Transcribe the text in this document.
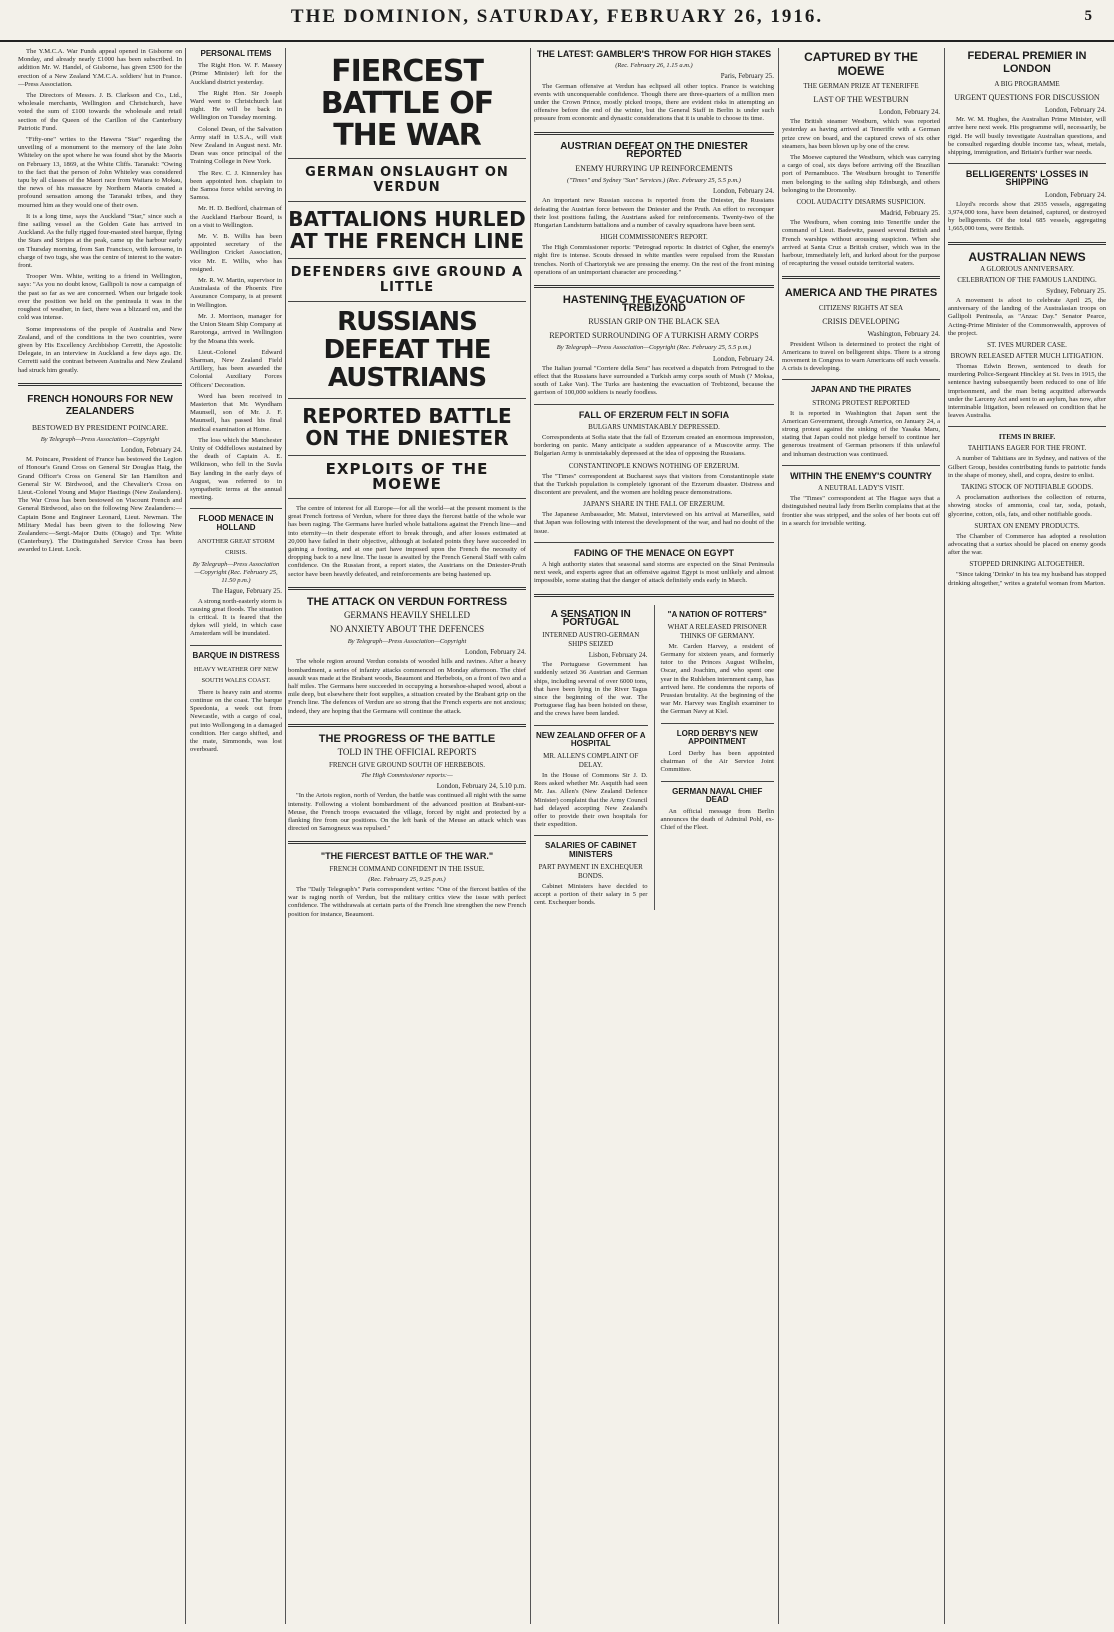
THE DOMINION, SATURDAY, FEBRUARY 26, 1916.	5

The Y.M.C.A. War Funds appeal opened in Gisborne on Monday, and already nearly £1000 has been subscribed. In addition Mr. W. Handel, of Gisborne, has given £500 for the erection of a New Zealand Y.M.C.A. soldiers' hut in France.—Press Association.

The Directors of Messrs. J. B. Clarkson and Co., Ltd., wholesale merchants, Wellington and Christchurch, have voted the sum of £100 towards the wholesale and retail section of the Queen of the Carillon of the Canterbury Patriotic Fund.

"Fifty-one" writes to the Hawera "Star" regarding the unveiling of a monument to the memory of the late John Whiteley on the spot where he was found shot by the Maoris on February 13, 1869, at the White Cliffs. Taranaki: "Owing to the fact that the person of John Whiteley was considered tapu by all classes of the Maori race from Waitara to Mokau, the news of his massacre by Northern Maoris created a profound sensation among the Taranaki tribes, and they mourned him as they would one of their own.

It is a long time, says the Auckland "Star," since such a fine sailing vessel as the Golden Gate has arrived in Auckland. As the fully rigged four-masted steel barque, flying the Stars and Stripes at the peak, came up the harbour early on Thursday morning, from San Francisco, with kerosene, in charge of two tugs, she was the centre of interest to the water-front.

Trooper Wm. White, writing to a friend in Wellington, says: "As you no doubt know, Gallipoli is now a campaign of the past so far as we are concerned. When our brigade took over the position we held on the peninsula it was in the roughest of weather, in fact, there was a blizzard on, and the cold was intense.

Some impressions of the people of Australia and New Zealand, and of the conditions in the two countries, were given by His Excellency Archbishop Cerretti, the Apostolic Delegate, in an interview in Auckland a few days ago. Dr. Cerretti said the contrast between Australia and New Zealand had struck him greatly.

FRENCH HONOURS FOR NEW ZEALANDERS
BESTOWED BY PRESIDENT POINCARE.
By Telegraph—Press Association—Copyright
London, February 24.

M. Poincare, President of France has bestowed the Legion of Honour's Grand Cross on General Sir Douglas Haig, the Grand Officer's Cross on General Sir Ian Hamilton and General Sir W. Birdwood, and the Chevalier's Cross on Lieut.-Colonel Young and Major Hastings (New Zealanders). The War Cross has been bestowed on Viscount French and General Birdwood, also on the following New Zealanders:—Captain Bone and Engineer Leonard, Lieut. Newman. The Military Medal has been given to the following New Zealanders:—Sergt.-Major Dutts (Otago) and Tpr. White (Canterbury). The Distinguished Service Cross has been awarded to Lieut. Lock.

PERSONAL ITEMS

The Right Hon. W. F. Massey (Prime Minister) left for the Auckland district yesterday.

The Right Hon. Sir Joseph Ward went to Christchurch last night. He will be back in Wellington on Tuesday morning.

Colonel Dean, of the Salvation Army staff in U.S.A., will visit New Zealand in August next. Mr. Dean was once principal of the Training College in New York.

The Rev. C. J. Kinnersley has been appointed hon. chaplain to the Samoa force whilst serving in Samoa.

Mr. H. D. Bedford, chairman of the Auckland Harbour Board, is on a visit to Wellington.

Mr. V. B. Willis has been appointed secretary of the Wellington Cricket Association, vice Mr. E. Willis, who has resigned.

Mr. R. W. Martin, supervisor in Australasia of the Phoenix Fire Assurance Company, is at present in Wellington.

Mr. J. Morrison, manager for the Union Steam Ship Company at Rarotonga, arrived in Wellington by the Moana this week.

Lieut.-Colonel Edward Sharman, New Zealand Field Artillery, has been awarded the Colonial Auxiliary Forces Officers' Decoration.

Word has been received in Masterton that Mr. Wyndham Maunsell, son of Mr. J. F. Maunsell, has passed his final medical examination at Home.

The loss which the Manchester Unity of Oddfellows sustained by the death of Captain A. E. Wilkinson, who fell in the Suvla Bay landing in the early days of August, was referred to in sympathetic terms at the annual meeting.

FLOOD MENACE IN HOLLAND
ANOTHER GREAT STORM CRISIS.
By Telegraph—Press Association—Copyright (Rec. February 25, 11.50 p.m.)
The Hague, February 25.

A strong north-easterly storm is causing great floods. The situation is critical. It is feared that the dykes will yield, in which case Amsterdam will be inundated.

BARQUE IN DISTRESS
HEAVY WEATHER OFF NEW SOUTH WALES COAST.

There is heavy rain and storms continue on the coast. The barque Speedonia, a week out from Newcastle, with a cargo of coal, put into Wollongong in a damaged condition. Her cargo shifted, and the mate, Simmonds, was lost overboard.

FIERCEST BATTLE OF THE WAR
GERMAN ONSLAUGHT ON VERDUN
BATTALIONS HURLED AT THE FRENCH LINE
DEFENDERS GIVE GROUND A LITTLE
RUSSIANS DEFEAT THE AUSTRIANS
REPORTED BATTLE ON THE DNIESTER
EXPLOITS OF THE MOEWE

The centre of interest for all Europe—for all the world—at the present moment is the great French fortress of Verdun, where for three days the fiercest battle of the whole war has been raging. The Germans have hurled whole battalions against the French line—and into eternity—in their desperate effort to break through, and after losses estimated at 20,000 have failed in their objective, although at isolated points they have succeeded in gaining a footing, and at one part have imposed upon the French the necessity of dropping back to a new line. The issue is awaited by the French General Staff with calm confidence. On the Russian front, a report states, the Austrians on the Dniester-Pruth sector have been heavily defeated, and reinforcements are being hastened up.

THE ATTACK ON VERDUN FORTRESS
GERMANS HEAVILY SHELLED
NO ANXIETY ABOUT THE DEFENCES
By Telegraph—Press Association—Copyright
London, February 24.

The whole region around Verdun consists of wooded hills and ravines. After a heavy bombardment, a series of infantry attacks commenced on Monday afternoon. The chief assault was made at the Brabant woods, Beaumont and Herbebois, on a front of two and a half miles. The Germans here succeeded in occupying a horseshoe-shaped wood, about a mile deep, but elsewhere their foot supplies, a situation created by the Brabant grip on the French line. The defences of Verdun are so strong that the French experts are not anxious; indeed, they are hoping that the Germans will continue the attack.

THE PROGRESS OF THE BATTLE
TOLD IN THE OFFICIAL REPORTS
FRENCH GIVE GROUND SOUTH OF HERBEBOIS.
The High Commissioner reports:—
London, February 24, 5.10 p.m.

"In the Artois region, north of Verdun, the battle was continued all night with the same intensity. Following a violent bombardment of the advanced position at Brabant-sur-Meuse, the French troops evacuated the village, forced by night and protected by a flanking fire from our positions. On the left bank of the Meuse an attack which was directed on Samogneux was repulsed."

"THE FIERCEST BATTLE OF THE WAR."
FRENCH COMMAND CONFIDENT IN THE ISSUE.
(Rec. February 25, 9.25 p.m.)

The "Daily Telegraph's" Paris correspondent writes: "One of the fiercest battles of the war is raging north of Verdun, but the military critics view the issue with perfect confidence. The withdrawals at certain parts of the French line strengthen the new French position for instance, Beaumont.

THE LATEST: GAMBLER'S THROW FOR HIGH STAKES
(Rec. February 26, 1.15 a.m.)
Paris, February 25.

The German offensive at Verdun has eclipsed all other topics. France is watching events with unconquerable confidence. Though there are three-quarters of a million men under the Crown Prince, mostly picked troops, there are evident risks in attempting an offensive before the end of the winter, but the General Staff in Berlin is under such pressure from economic and dynastic considerations that it is unable to choose its time.

AUSTRIAN DEFEAT ON THE DNIESTER REPORTED
ENEMY HURRYING UP REINFORCEMENTS
("Times" and Sydney "Sun" Services.) (Rec. February 25, 5.5 p.m.)
London, February 24.

An important new Russian success is reported from the Dniester, the Russians defeating the Austrian force between the Dniester and the Pruth. An effort to reconquer their lost positions failing, the Austrians asked for reinforcements. Twenty-two of the Hungarian Landsturm battalions and a number of cavalry squadrons have been sent.

HIGH COMMISSIONER'S REPORT.

The High Commissioner reports: "Petrograd reports: In district of Ogher, the enemy's night fire is intense. Scouts dressed in white mantles were repulsed from the Russian trenches. North of Chartoryisk we are pressing the enemy. On the rest of the front mining operations of an unimportant character are proceeding."

HASTENING THE EVACUATION OF TREBIZOND
RUSSIAN GRIP ON THE BLACK SEA
REPORTED SURROUNDING OF A TURKISH ARMY CORPS
By Telegraph—Press Association—Copyright (Rec. February 25, 5.5 p.m.)
London, February 24.

The Italian journal "Corriere della Sera" has received a dispatch from Petrograd to the effect that the Russians have surrounded a Turkish army corps south of Mush (? Moksa, south of Lake Van). The Turks are hastening the evacuation of Trebizond, because the garrison of 100,000 soldiers is nearly foodless.

FALL OF ERZERUM FELT IN SOFIA
BULGARS UNMISTAKABLY DEPRESSED.

Correspondents at Sofia state that the fall of Erzerum created an enormous impression, bordering on panic. Many anticipate a sudden appearance of a Muscovite army. The Bulgarian Army is unmistakably depressed at the idea of opposing the Russians.

CONSTANTINOPLE KNOWS NOTHING OF ERZERUM.

The "Times" correspondent at Bucharest says that visitors from Constantinople state that the Turkish population is completely ignorant of the Erzerum disaster. Distress and discontent are prevalent, and the women are holding peace demonstrations.

JAPAN'S SHARE IN THE FALL OF ERZERUM.

The Japanese Ambassador, Mr. Matsui, interviewed on his arrival at Marseilles, said that Japan was following with interest the development of the war, and had no doubt of the issue.

FADING OF THE MENACE ON EGYPT

A high authority states that seasonal sand storms are expected on the Sinai Peninsula next week, and experts agree that an offensive against Egypt is most unlikely and almost impossible, some stating that the danger of attack definitely ends early in March.

A SENSATION IN PORTUGAL
INTERNED AUSTRO-GERMAN SHIPS SEIZED
Lisbon, February 24.

The Portuguese Government has suddenly seized 36 Austrian and German ships, including several of over 6000 tons, that have been lying in the River Tagus since the beginning of the war. The Portuguese flag has been hoisted on these, and the crews have been landed.

NEW ZEALAND OFFER OF A HOSPITAL
MR. ALLEN'S COMPLAINT OF DELAY.

In the House of Commons Sir J. D. Rees asked whether Mr. Asquith had seen Mr. Jas. Allen's (New Zealand Defence Minister) complaint that the Army Council had delayed accepting New Zealand's offer to provide their own hospitals for their expedition.

SALARIES OF CABINET MINISTERS
PART PAYMENT IN EXCHEQUER BONDS.

Cabinet Ministers have decided to accept a portion of their salary in 5 per cent. Exchequer bonds.

"A NATION OF ROTTERS"
WHAT A RELEASED PRISONER THINKS OF GERMANY.

Mr. Carden Harvey, a resident of Germany for sixteen years, and formerly tutor to the Princes August Wilhelm, Oscar, and Joachim, and who spent one year in the Ruhleben internment camp, has arrived here. He condemns the reports of Prussian brutality. At the beginning of the war Mr. Harvey was English examiner to the German Navy at Kiel.

LORD DERBY'S NEW APPOINTMENT

Lord Derby has been appointed chairman of the Air Service Joint Committee.

GERMAN NAVAL CHIEF DEAD

An official message from Berlin announces the death of Admiral Pohl, ex-Chief of the Fleet.

CAPTURED BY THE MOEWE
THE GERMAN PRIZE AT TENERIFFE
LAST OF THE WESTBURN
London, February 24.

The British steamer Westburn, which was reported yesterday as having arrived at Teneriffe with a German prize crew on board, and the captured crews of six other steamers, has been blown up by one of the crew.

The Moewe captured the Westburn, which was carrying a cargo of coal, six days before arriving off the Brazilian port of Pernambuco. The Westburn brought to Teneriffe men belonging to the sailing ship Edinburgh, and others belonging to the Dromonby.

COOL AUDACITY DISARMS SUSPICION.
Madrid, February 25.

The Westburn, when coming into Teneriffe under the command of Lieut. Badewitz, passed several British and French warships without arousing suspicion. When she arrived at Santa Cruz a British cruiser, which was in the harbour, immediately left, and lurked about for the purpose of recapturing the vessel outside territorial waters.

AMERICA AND THE PIRATES
CITIZENS' RIGHTS AT SEA
CRISIS DEVELOPING
Washington, February 24.

President Wilson is determined to protect the right of Americans to travel on belligerent ships. There is a strong movement in Congress to warn Americans off such vessels. A crisis is developing.

JAPAN AND THE PIRATES
STRONG PROTEST REPORTED

It is reported in Washington that Japan sent the American Government, through America, on January 24, a strong protest against the sinking of the Yasaka Maru, stating that Japan could not pledge herself to continue her generous treatment of German prisoners if this unlawful and inhuman destruction was continued.

WITHIN THE ENEMY'S COUNTRY
A NEUTRAL LADY'S VISIT.

The "Times" correspondent at The Hague says that a distinguished neutral lady from Berlin complains that at the frontier she was stripped, and the soles of her boots cut off in a search for invisible writing.

FEDERAL PREMIER IN LONDON
A BIG PROGRAMME
URGENT QUESTIONS FOR DISCUSSION
London, February 24.

Mr. W. M. Hughes, the Australian Prime Minister, will arrive here next week. His programme will, necessarily, be rigid. He will busily investigate Australian questions, and be consulted regarding double income tax, wheat, metals, shipping, immigration, and Britain's further war needs.

BELLIGERENTS' LOSSES IN SHIPPING
London, February 24.

Lloyd's records show that 2935 vessels, aggregating 3,974,000 tons, have been detained, captured, or destroyed by belligerents. Of the total 685 vessels, aggregating 1,665,000 tons, were British.

AUSTRALIAN NEWS
A GLORIOUS ANNIVERSARY.
CELEBRATION OF THE FAMOUS LANDING.
Sydney, February 25.

A movement is afoot to celebrate April 25, the anniversary of the landing of the Australasian troops on Gallipoli Peninsula, as "Anzac Day." Senator Pearce, Acting-Prime Minister of the Commonwealth, approves of the project.

ST. IVES MURDER CASE.
BROWN RELEASED AFTER MUCH LITIGATION.

Thomas Edwin Brown, sentenced to death for murdering Police-Sergeant Hinckley at St. Ives in 1915, the sentence having subsequently been reduced to one of life imprisonment, and the man being acquitted afterwards under the Larceny Act and sent to an asylum, has now, after interminable litigation, been released on condition that he leaves Australia.

ITEMS IN BRIEF.
TAHITIANS EAGER FOR THE FRONT.

A number of Tahitians are in Sydney, and natives of the Gilbert Group, besides contributing funds to patriotic funds in the shape of money, shell, and copra, desire to enlist.

TAKING STOCK OF NOTIFIABLE GOODS.

A proclamation authorises the collection of returns, showing stocks of ammonia, coal tar, soda, potash, glycerine, cotton, oils, fats, and other notifiable goods.

SURTAX ON ENEMY PRODUCTS.

The Chamber of Commerce has adopted a resolution advocating that a surtax should be placed on enemy goods after the war.

STOPPED DRINKING ALTOGETHER.

"Since taking 'Drinko' in his tea my husband has stopped drinking altogether," writes a grateful woman from Marton.
